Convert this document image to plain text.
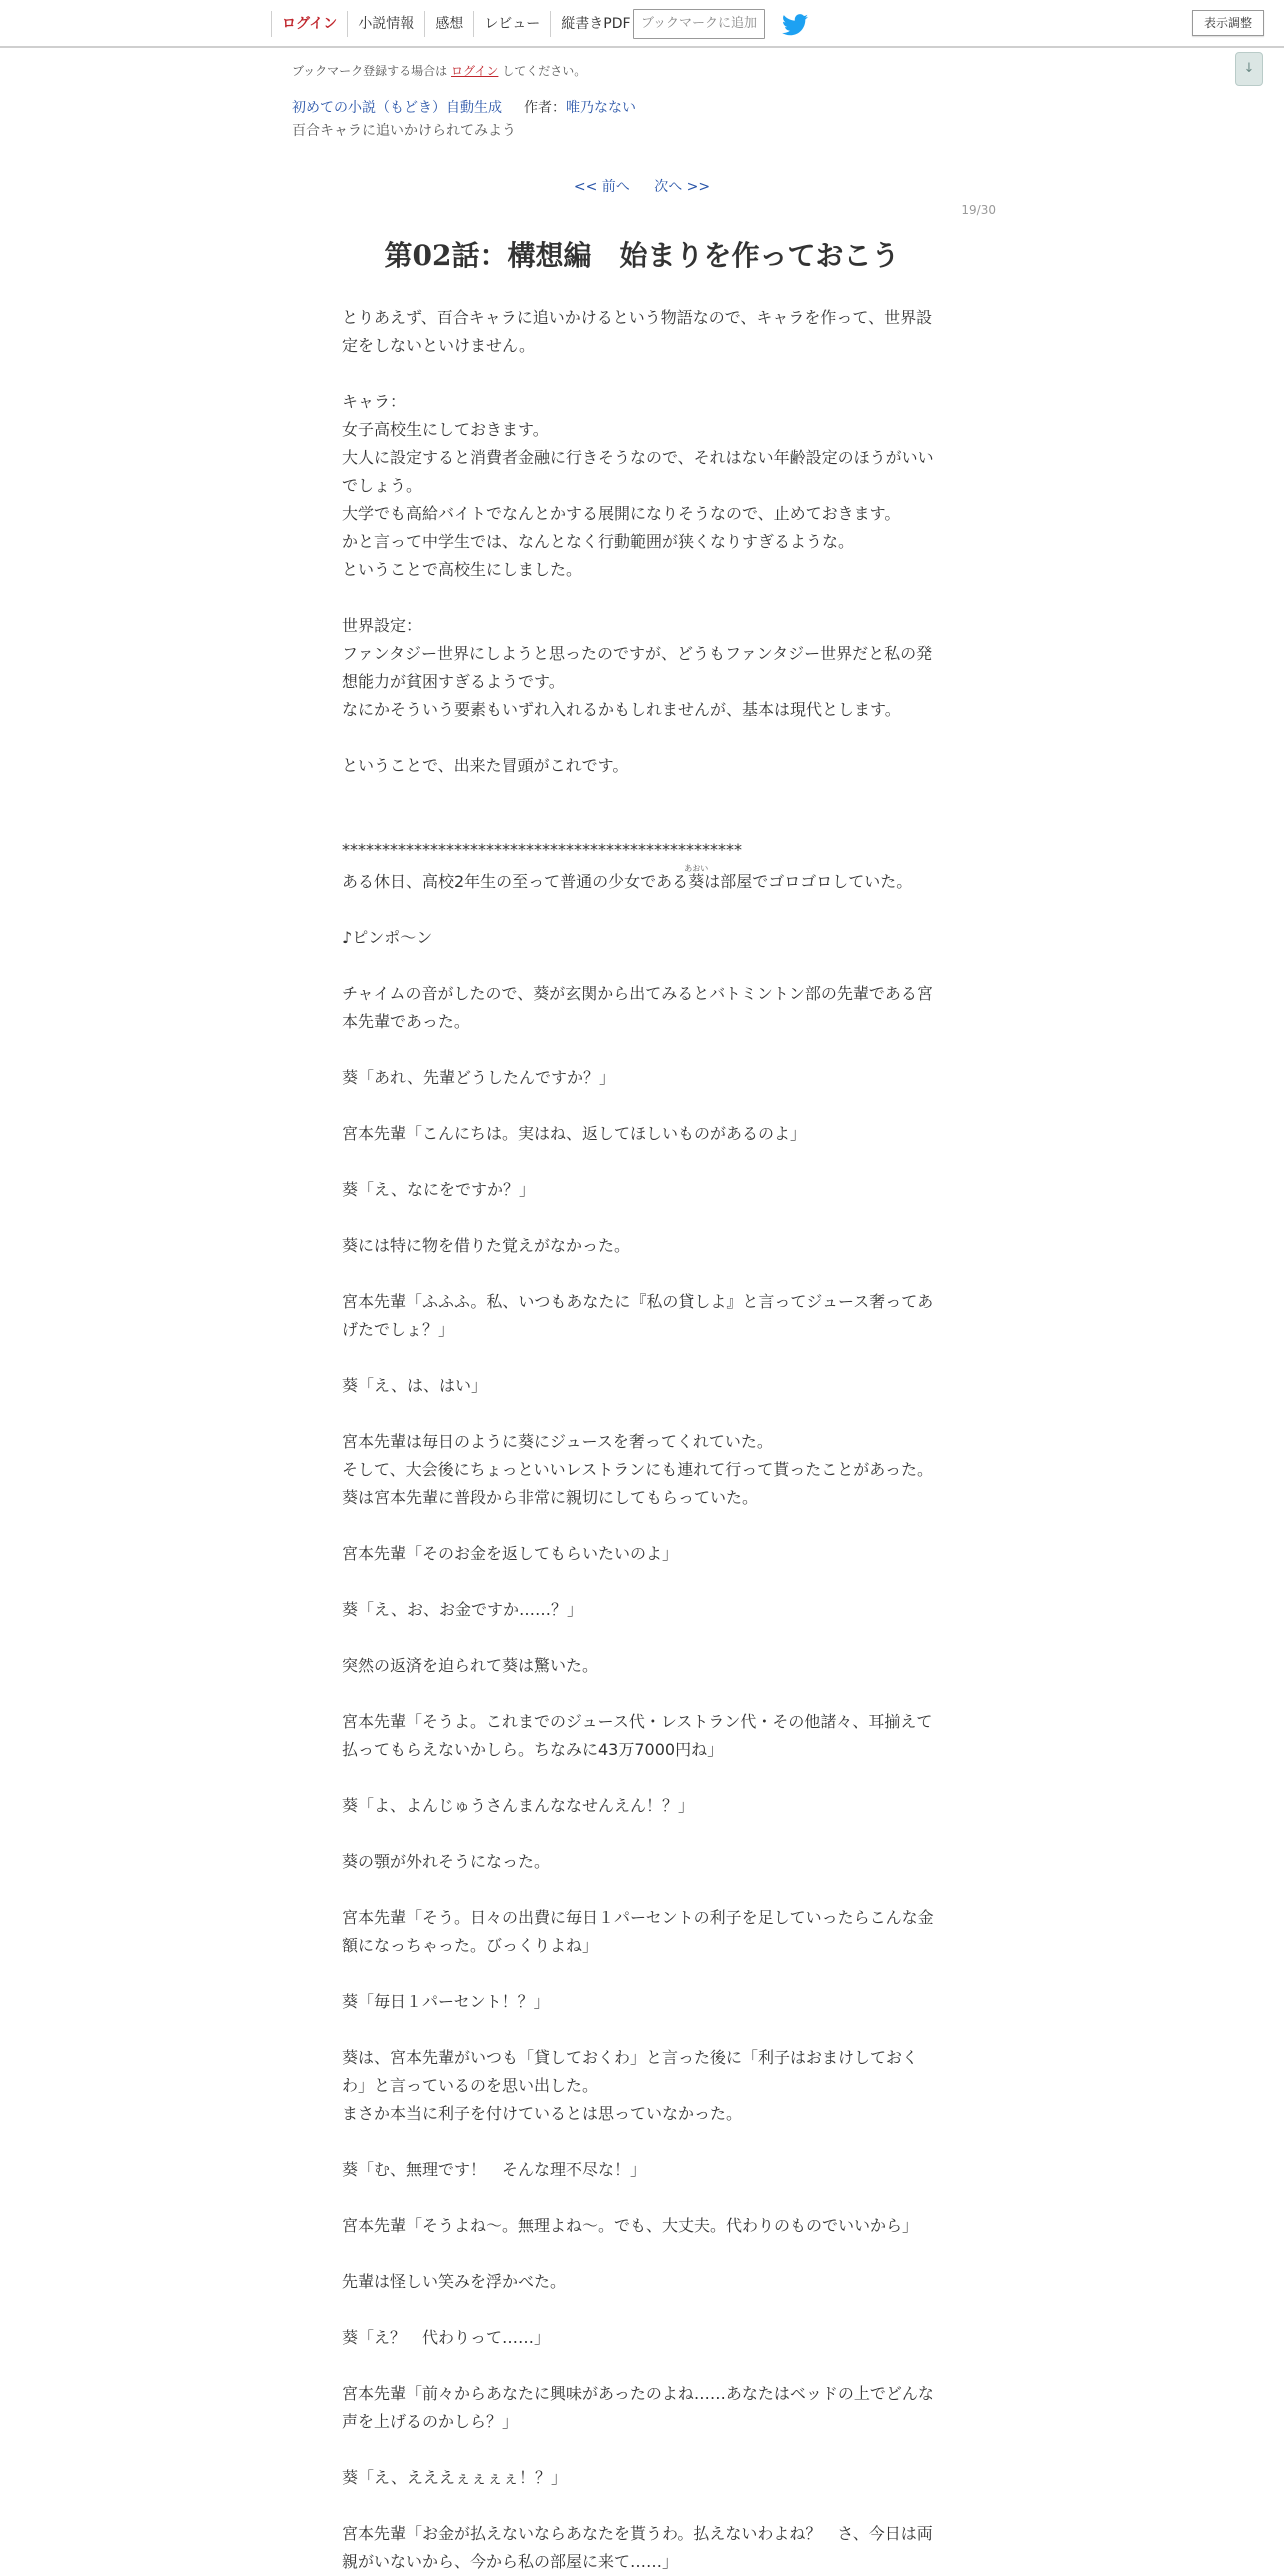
ログイン	小説情報	感想	レビュー	縦書きPDF ブックマークに追加	表示調整
↓
ブックマーク登録する場合は ログイン してください。
初めての小説（もどき）自動生成 作者：唯乃なない
百合キャラに追いかけられてみよう
<< 前へ 次へ >>
19/30
第02話：構想編　始まりを作っておこう

とりあえず、百合キャラに追いかけるという物語なので、キャラを作って、世界設

定をしないといけません。

キャラ：

女子高校生にしておきます。

大人に設定すると消費者金融に行きそうなので、それはない年齢設定のほうがいい

でしょう。

大学でも高給バイトでなんとかする展開になりそうなので、止めておきます。

かと言って中学生では、なんとなく行動範囲が狭くなりすぎるような。

ということで高校生にしました。

世界設定：

ファンタジー世界にしようと思ったのですが、どうもファンタジー世界だと私の発

想能力が貧困すぎるようです。

なにかそういう要素もいずれ入れるかもしれませんが、基本は現代とします。

ということで、出来た冒頭がこれです。

**************************************************

ある休日、高校2年生の至って普通の少女である葵あおいは部屋でゴロゴロしていた。

♪ピンポ～ン

チャイムの音がしたので、葵が玄関から出てみるとバトミントン部の先輩である宮

本先輩であった。

葵「あれ、先輩どうしたんですか？」

宮本先輩「こんにちは。実はね、返してほしいものがあるのよ」

葵「え、なにをですか？」

葵には特に物を借りた覚えがなかった。

宮本先輩「ふふふ。私、いつもあなたに『私の貸しよ』と言ってジュース奢ってあ

げたでしょ？」

葵「え、は、はい」

宮本先輩は毎日のように葵にジュースを奢ってくれていた。

そして、大会後にちょっといいレストランにも連れて行って貰ったことがあった。

葵は宮本先輩に普段から非常に親切にしてもらっていた。

宮本先輩「そのお金を返してもらいたいのよ」

葵「え、お、お金ですか……？」

突然の返済を迫られて葵は驚いた。

宮本先輩「そうよ。これまでのジュース代・レストラン代・その他諸々、耳揃えて

払ってもらえないかしら。ちなみに43万7000円ね」

葵「よ、よんじゅうさんまんななせんえん！？」

葵の顎が外れそうになった。

宮本先輩「そう。日々の出費に毎日１パーセントの利子を足していったらこんな金

額になっちゃった。びっくりよね」

葵「毎日１パーセント！？」

葵は、宮本先輩がいつも「貸しておくわ」と言った後に「利子はおまけしておく

わ」と言っているのを思い出した。

まさか本当に利子を付けているとは思っていなかった。

葵「む、無理です！　そんな理不尽な！」

宮本先輩「そうよね～。無理よね～。でも、大丈夫。代わりのものでいいから」

先輩は怪しい笑みを浮かべた。

葵「え？　代わりって……」

宮本先輩「前々からあなたに興味があったのよね……あなたはベッドの上でどんな

声を上げるのかしら？」

葵「え、えええぇぇぇぇ！？」

宮本先輩「お金が払えないならあなたを貰うわ。払えないわよね？　さ、今日は両

親がいないから、今から私の部屋に来て……」
